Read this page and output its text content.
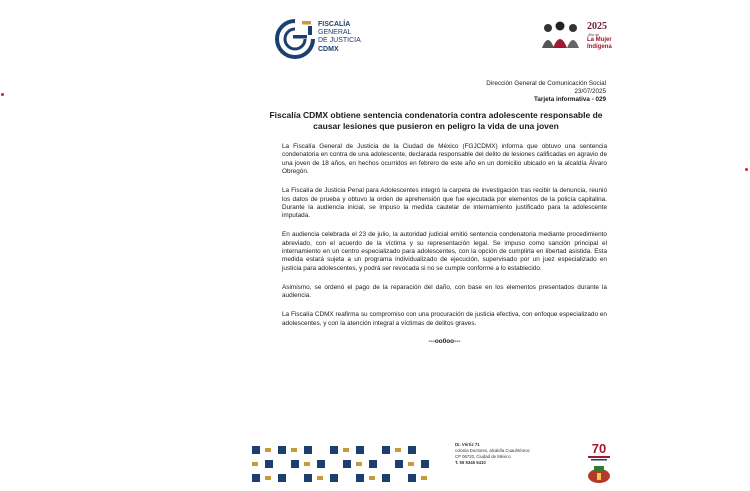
FISCALÍA
GENERAL
DE JUSTICIA
CDMX
2025
Año de
La Mujer
Indígena
Dirección General de Comunicación Social
23/07/2025
Tarjeta informativa - 029
Fiscalía CDMX obtiene sentencia condenatoria contra adolescente responsable de causar lesiones que pusieron en peligro la vida de una joven

La Fiscalía General de Justicia de la Ciudad de México (FGJCDMX) informa que obtuvo una sentencia condenatoria en contra de una adolescente, declarada responsable del delito de lesiones calificadas en agravio de una joven de 18 años, en hechos ocurridos en febrero de este año en un domicilio ubicado en la alcaldía Álvaro Obregón.

La Fiscalía de Justicia Penal para Adolescentes integró la carpeta de investigación tras recibir la denuncia, reunió los datos de prueba y obtuvo la orden de aprehensión que fue ejecutada por elementos de la policía capitalina. Durante la audiencia inicial, se impuso la medida cautelar de internamiento justificado para la adolescente imputada.

En audiencia celebrada el 23 de julio, la autoridad judicial emitió sentencia condenatoria mediante procedimiento abreviado, con el acuerdo de la víctima y su representación legal. Se impuso como sanción principal el internamiento en un centro especializado para adolescentes, con la opción de cumplirla en libertad asistida. Esta medida estará sujeta a un programa individualizado de ejecución, supervisado por un juez especializado en justicia para adolescentes, y podrá ser revocada si no se cumple conforme a lo establecido.

Asimismo, se ordenó el pago de la reparación del daño, con base en los elementos presentados durante la audiencia.

La Fiscalía CDMX reafirma su compromiso con una procuración de justicia efectiva, con enfoque especializado en adolescentes, y con la atención integral a víctimas de delitos graves.

---oo0oo---

Dr. Vértiz 71
colonia Doctores, alcaldía Cuauhtémoc
CP 06720, Ciudad de México
T. 55 5345 5410
70
